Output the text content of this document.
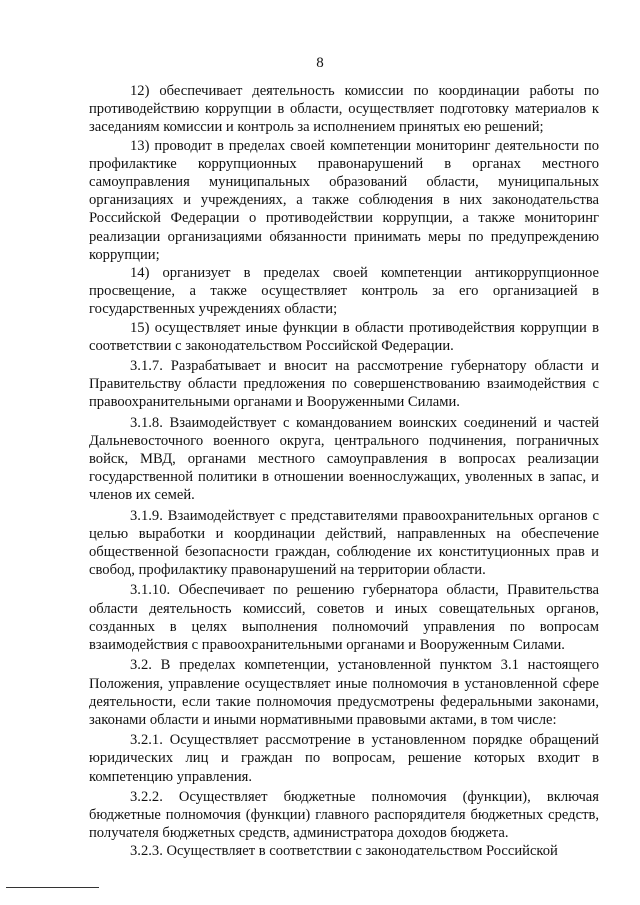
8

12) обеспечивает деятельность комиссии по координации работы по противодействию коррупции в области, осуществляет подготовку материалов к заседаниям комиссии и контроль за исполнением принятых ею решений;

13) проводит в пределах своей компетенции мониторинг деятельности по профилактике коррупционных правонарушений в органах местного самоуправления муниципальных образований области, муниципальных организациях и учреждениях, а также соблюдения в них законодательства Российской Федерации о противодействии коррупции, а также мониторинг реализации организациями обязанности принимать меры по предупреждению коррупции;

14) организует в пределах своей компетенции антикоррупционное просвещение, а также осуществляет контроль за его организацией в государственных учреждениях области;

15) осуществляет иные функции в области противодействия коррупции в соответствии с законодательством Российской Федерации.

3.1.7. Разрабатывает и вносит на рассмотрение губернатору области и Правительству области предложения по совершенствованию взаимодействия с правоохранительными органами и Вооруженными Силами.

3.1.8. Взаимодействует с командованием воинских соединений и частей Дальневосточного военного округа, центрального подчинения, пограничных войск, МВД, органами местного самоуправления в вопросах реализации государственной политики в отношении военнослужащих, уволенных в запас, и членов их семей.

3.1.9. Взаимодействует с представителями правоохранительных органов с целью выработки и координации действий, направленных на обеспечение общественной безопасности граждан, соблюдение их конституционных прав и свобод, профилактику правонарушений на территории области.

3.1.10. Обеспечивает по решению губернатора области, Правительства области деятельность комиссий, советов и иных совещательных органов, созданных в целях выполнения полномочий управления по вопросам взаимодействия с правоохранительными органами и Вооруженным Силами.

3.2. В пределах компетенции, установленной пунктом 3.1 настоящего Положения, управление осуществляет иные полномочия в установленной сфере деятельности, если такие полномочия предусмотрены федеральными законами, законами области и иными нормативными правовыми актами, в том числе:

3.2.1. Осуществляет рассмотрение в установленном порядке обращений юридических лиц и граждан по вопросам, решение которых входит в компетенцию управления.

3.2.2. Осуществляет бюджетные полномочия (функции), включая бюджетные полномочия (функции) главного распорядителя бюджетных средств, получателя бюджетных средств, администратора доходов бюджета.

3.2.3. Осуществляет в соответствии с законодательством Российской
